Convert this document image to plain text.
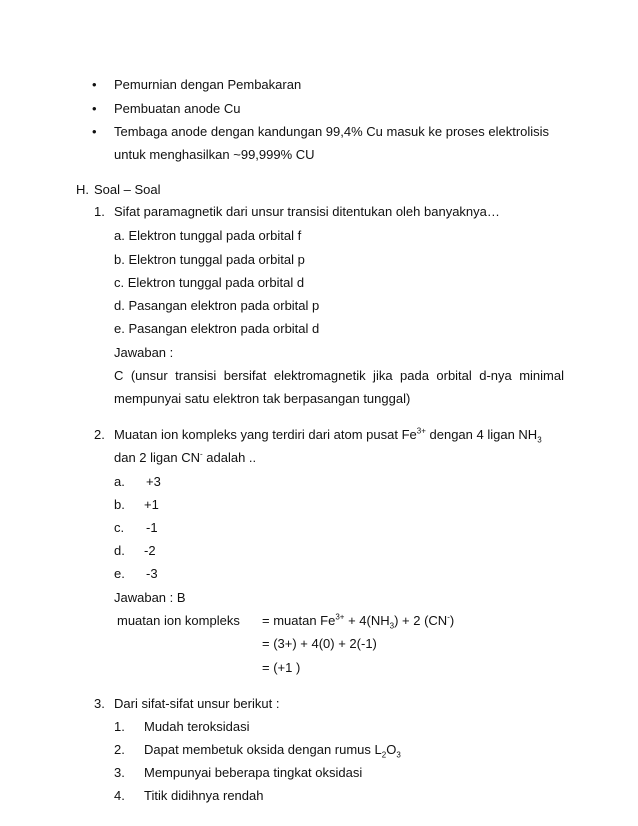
• Pemurnian dengan Pembakaran
• Pembuatan anode Cu
• Tembaga anode dengan kandungan 99,4% Cu masuk ke proses elektrolisis
untuk menghasilkan ~99,999% CU
H. Soal – Soal
1. Sifat paramagnetik dari unsur transisi ditentukan oleh banyaknya…
a. Elektron tunggal pada orbital f
b. Elektron tunggal pada orbital p
c. Elektron tunggal pada orbital d
d. Pasangan elektron pada orbital p
e. Pasangan elektron pada orbital d
Jawaban :
C (unsur transisi bersifat elektromagnetik jika pada orbital d-nya minimal
mempunyai satu elektron tak berpasangan tunggal)
2. Muatan ion kompleks yang terdiri dari atom pusat $Fe^{3+}$ dengan 4 ligan $NH_3$
dan 2 ligan CN- adalah ..
a. +3
b. +1
c. -1
d. -2
e. -3
Jawaban : B
muatan ion kompleks = muatan $Fe^{3+} + 4(NH_3) + 2$ (CN-)
= (3+) + 4(0) + 2(-1)
= (+1 )
3. Dari sifat-sifat unsur berikut :
1. Mudah teroksidasi
2. Dapat membetuk oksida dengan rumus $L_2O_3$
3. Mempunyai beberapa tingkat oksidasi
4. Titik didihnya rendah
